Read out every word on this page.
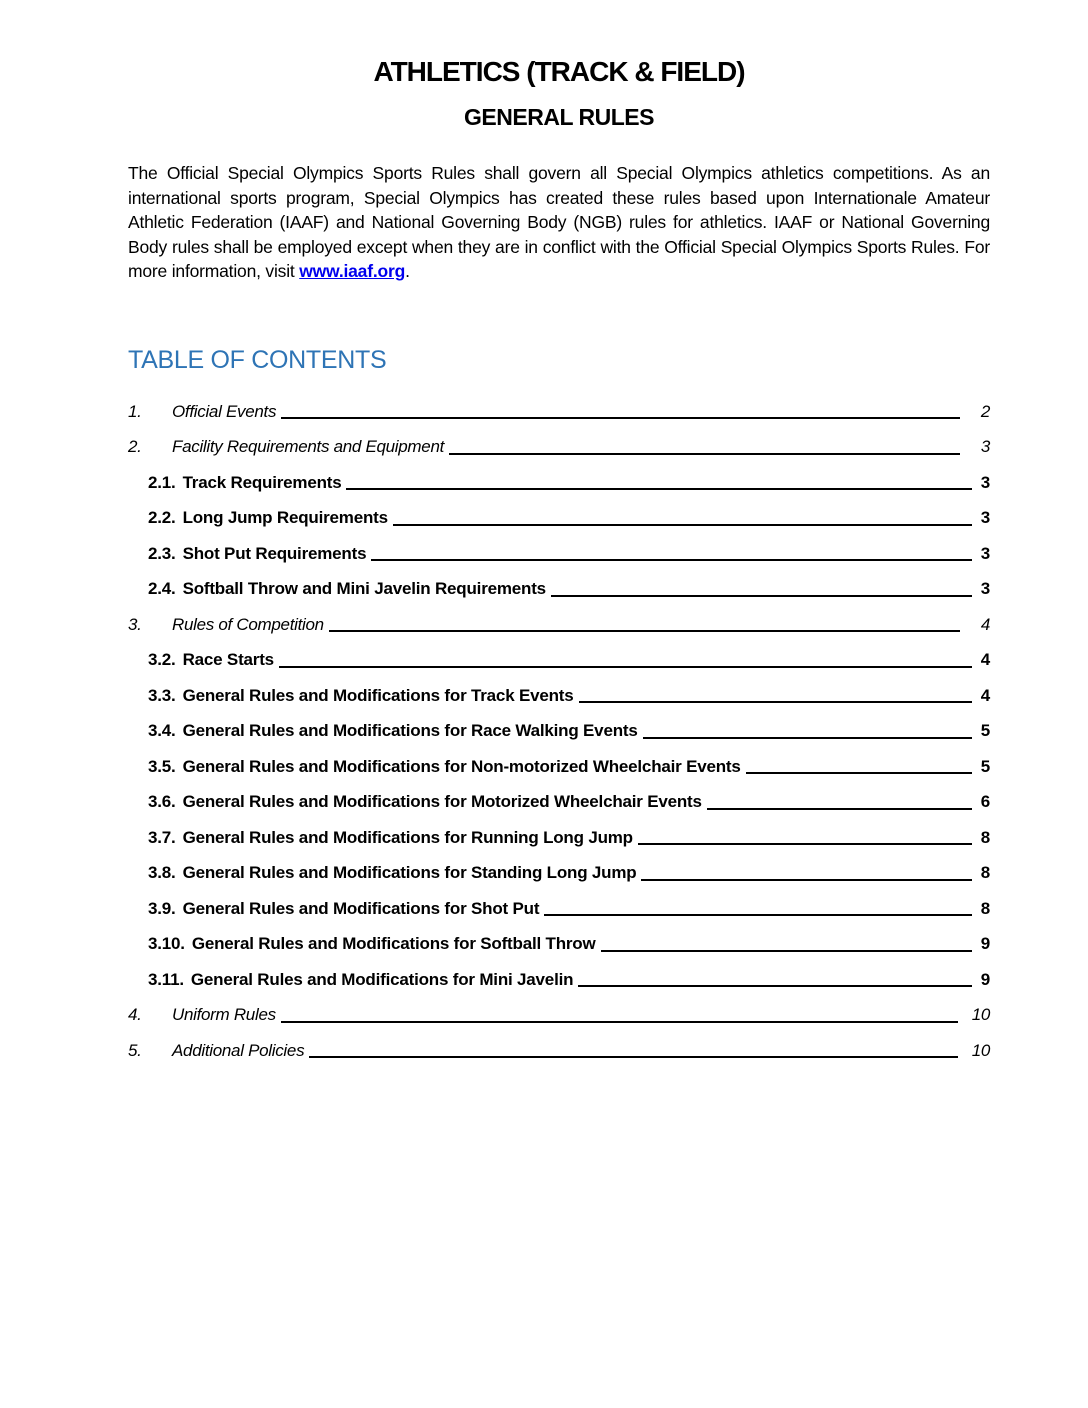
ATHLETICS (TRACK & FIELD)
GENERAL RULES

The Official Special Olympics Sports Rules shall govern all Special Olympics athletics competitions. As an international sports program, Special Olympics has created these rules based upon Internationale Amateur Athletic Federation (IAAF) and National Governing Body (NGB) rules for athletics. IAAF or National Governing Body rules shall be employed except when they are in conflict with the Official Special Olympics Sports Rules. For more information, visit www.iaaf.org.

TABLE OF CONTENTS
1.	Official Events	2
2.	Facility Requirements and Equipment	3
2.1. Track Requirements	3
2.2. Long Jump Requirements	3
2.3. Shot Put Requirements	3
2.4. Softball Throw and Mini Javelin Requirements	3
3.	Rules of Competition	4
3.2. Race Starts	4
3.3. General Rules and Modifications for Track Events	4
3.4. General Rules and Modifications for Race Walking Events	5
3.5. General Rules and Modifications for Non-motorized Wheelchair Events	5
3.6. General Rules and Modifications for Motorized Wheelchair Events	6
3.7. General Rules and Modifications for Running Long Jump	8
3.8. General Rules and Modifications for Standing Long Jump	8
3.9. General Rules and Modifications for Shot Put	8
3.10. General Rules and Modifications for Softball Throw	9
3.11. General Rules and Modifications for Mini Javelin	9
4.	Uniform Rules	10
5.	Additional Policies	10
